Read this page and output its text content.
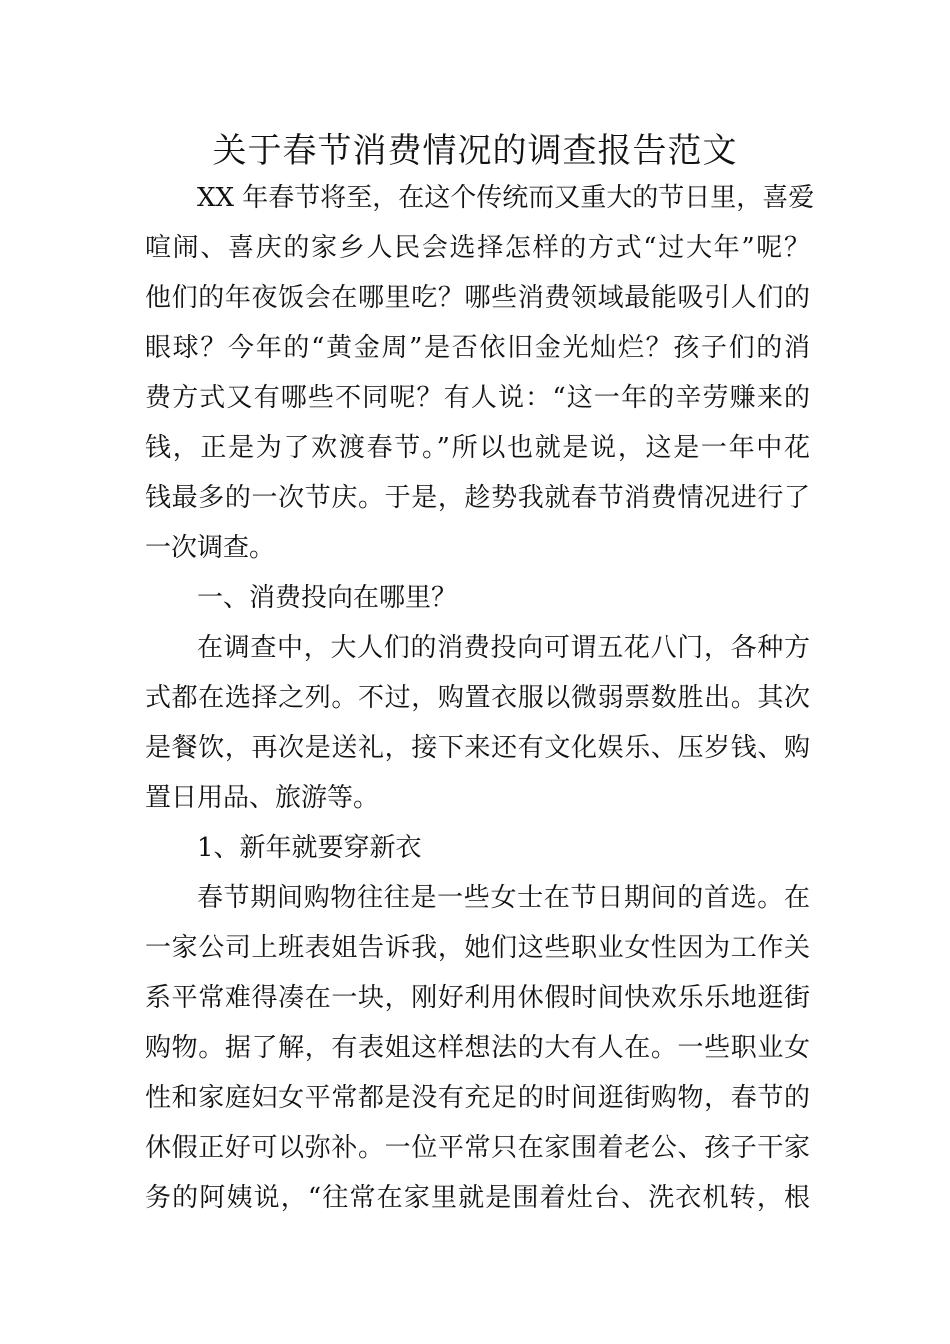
关于春节消费情况的调查报告范文

XX 年春节将至，在这个传统而又重大的节日里，喜爱

喧闹、喜庆的家乡人民会选择怎样的方式“过大年”呢？

他们的年夜饭会在哪里吃？哪些消费领域最能吸引人们的

眼球？今年的“黄金周”是否依旧金光灿烂？孩子们的消

费方式又有哪些不同呢？有人说：“这一年的辛劳赚来的

钱，正是为了欢渡春节。”所以也就是说，这是一年中花

钱最多的一次节庆。于是，趁势我就春节消费情况进行了

一次调查。

一、消费投向在哪里？

在调查中，大人们的消费投向可谓五花八门，各种方

式都在选择之列。不过，购置衣服以微弱票数胜出。其次

是餐饮，再次是送礼，接下来还有文化娱乐、压岁钱、购

置日用品、旅游等。

1、新年就要穿新衣

春节期间购物往往是一些女士在节日期间的首选。在

一家公司上班表姐告诉我，她们这些职业女性因为工作关

系平常难得凑在一块，刚好利用休假时间快欢乐乐地逛街

购物。据了解，有表姐这样想法的大有人在。一些职业女

性和家庭妇女平常都是没有充足的时间逛街购物，春节的

休假正好可以弥补。一位平常只在家围着老公、孩子干家

务的阿姨说，“往常在家里就是围着灶台、洗衣机转，根
